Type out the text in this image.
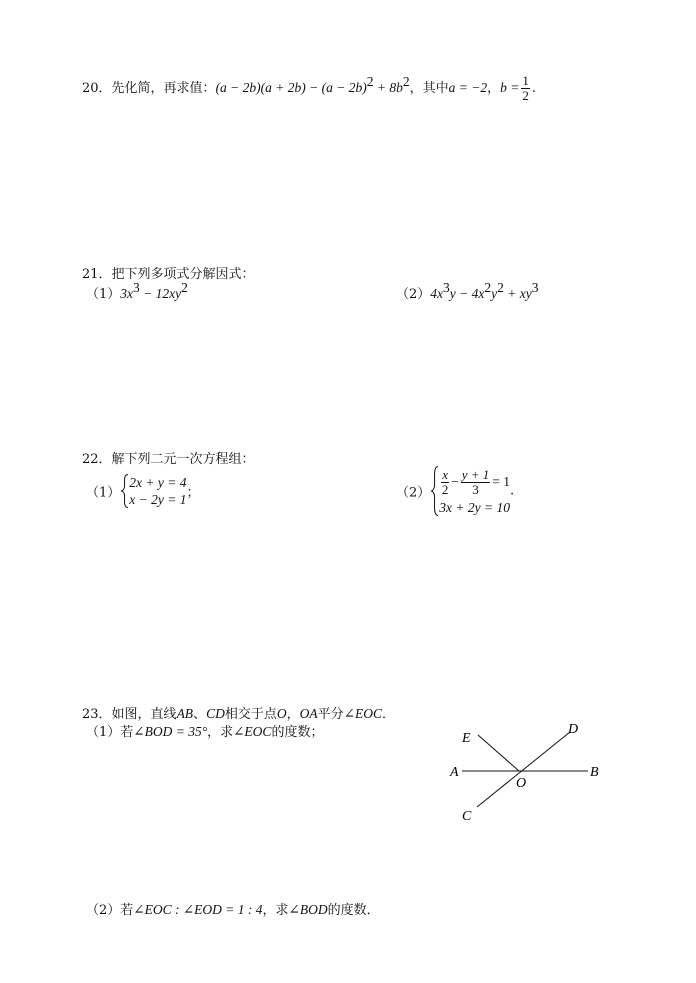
20．先化简，再求值：$(a - 2b)(a + 2b) - (a - 2b)^2 + 8b^2$，其中a = −2，$b = \frac{1}{2}$ .
21．把下列多项式分解因式：
$(1)3x^3 - 12xy^2$	$(2)4x^3y - 4x^2y^2 + xy^3$
22．解下列二元一次方程组：
（1）
2x + y = 4
x − 2y = 1 ；	$(2) \frac{x}{2} - \frac{y + 1}{3} = 1$
3x + 2y = 10
.
23．如图，直线AB、CD相交于点O，OA平分∠EOC．
（1）若∠BOD = 35°，求∠EOC的度数；	E
D
A	B
O
C
（2）若∠EOC : ∠EOD = 1 : 4，求∠BOD的度数．
